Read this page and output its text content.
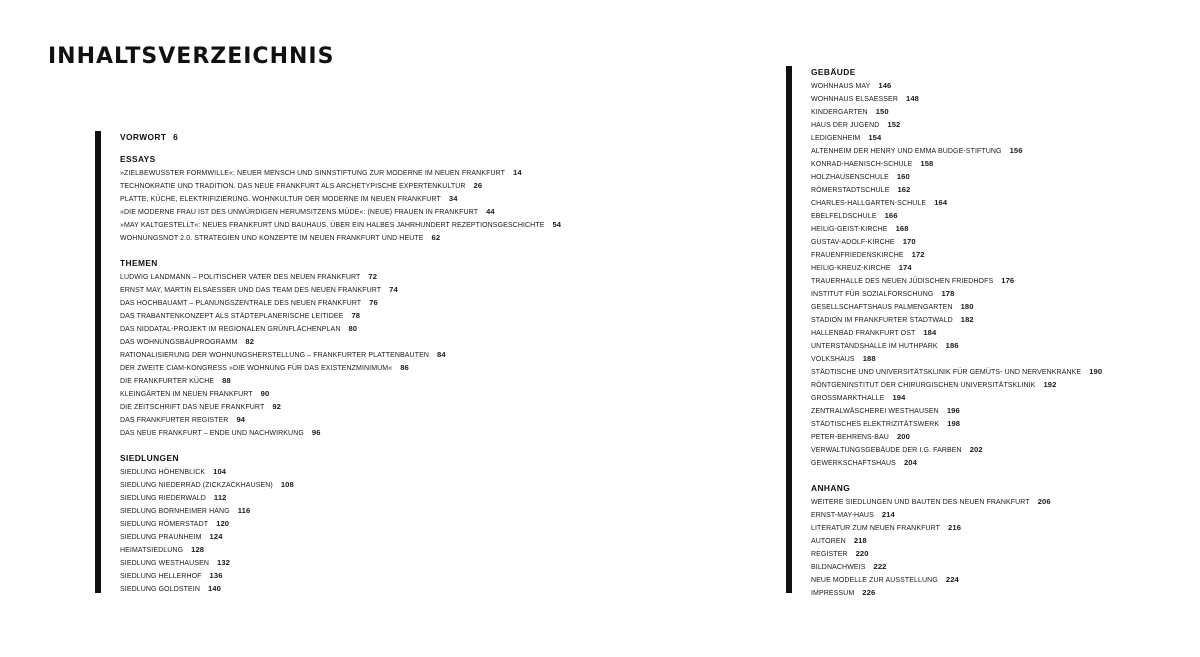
INHALTSVERZEICHNIS
VORWORT 6
ESSAYS
»ZIELBEWUSSTER FORMWILLE«: NEUER MENSCH UND SINNSTIFTUNG ZUR MODERNE IM NEUEN FRANKFURT 14
TECHNOKRATIE UND TRADITION. DAS NEUE FRANKFURT ALS ARCHETYPISCHE EXPERTENKULTUR 26
PLATTE, KÜCHE, ELEKTRIFIZIERUNG. WOHNKULTUR DER MODERNE IM NEUEN FRANKFURT 34
»DIE MODERNE FRAU IST DES UNWÜRDIGEN HERUMSITZENS MÜDE«: (NEUE) FRAUEN IN FRANKFURT 44
»MAY KALTGESTELLT«: NEUES FRANKFURT UND BAUHAUS. ÜBER EIN HALBES JAHRHUNDERT REZEPTIONSGESCHICHTE 54
WOHNUNGSNOT 2.0. STRATEGIEN UND KONZEPTE IM NEUEN FRANKFURT UND HEUTE 62
THEMEN
LUDWIG LANDMANN – POLITISCHER VATER DES NEUEN FRANKFURT 72
ERNST MAY, MARTIN ELSAESSER UND DAS TEAM DES NEUEN FRANKFURT 74
DAS HOCHBAUAMT – PLANUNGSZENTRALE DES NEUEN FRANKFURT 76
DAS TRABANTENKONZEPT ALS STÄDTEPLANERISCHE LEITIDEE 78
DAS NIDDATAL-PROJEKT IM REGIONALEN GRÜNFLÄCHENPLAN 80
DAS WOHNUNGSBAUPROGRAMM 82
RATIONALISIERUNG DER WOHNUNGSHERSTELLUNG – FRANKFURTER PLATTENBAUTEN 84
DER ZWEITE CIAM-KONGRESS »DIE WOHNUNG FÜR DAS EXISTENZMINIMUM« 86
DIE FRANKFURTER KÜCHE 88
KLEINGÄRTEN IM NEUEN FRANKFURT 90
DIE ZEITSCHRIFT DAS NEUE FRANKFURT 92
DAS FRANKFURTER REGISTER 94
DAS NEUE FRANKFURT – ENDE UND NACHWIRKUNG 96
SIEDLUNGEN
SIEDLUNG HÖHENBLICK 104
SIEDLUNG NIEDERRAD (ZICKZACKHAUSEN) 108
SIEDLUNG RIEDERWALD 112
SIEDLUNG BORNHEIMER HANG 116
SIEDLUNG RÖMERSTADT 120
SIEDLUNG PRAUNHEIM 124
HEIMATSIEDLUNG 128
SIEDLUNG WESTHAUSEN 132
SIEDLUNG HELLERHOF 136
SIEDLUNG GOLDSTEIN 140
GEBÄUDE
WOHNHAUS MAY 146
WOHNHAUS ELSAESSER 148
KINDERGARTEN 150
HAUS DER JUGEND 152
LEDIGENHEIM 154
ALTENHEIM DER HENRY UND EMMA BUDGE-STIFTUNG 156
KONRAD-HAENISCH-SCHULE 158
HOLZHAUSENSCHULE 160
RÖMERSTADTSCHULE 162
CHARLES-HALLGARTEN-SCHULE 164
EBELFELDSCHULE 166
HEILIG-GEIST-KIRCHE 168
GUSTAV-ADOLF-KIRCHE 170
FRAUENFRIEDENSKIRCHE 172
HEILIG-KREUZ-KIRCHE 174
TRAUERHALLE DES NEUEN JÜDISCHEN FRIEDHOFS 176
INSTITUT FÜR SOZIALFORSCHUNG 178
GESELLSCHAFTSHAUS PALMENGARTEN 180
STADION IM FRANKFURTER STADTWALD 182
HALLENBAD FRANKFURT OST 184
UNTERSTANDSHALLE IM HUTHPARK 186
VOLKSHAUS 188
STÄDTISCHE UND UNIVERSITÄTSKLINIK FÜR GEMÜTS- UND NERVENKRANKE 190
RÖNTGENINSTITUT DER CHIRURGISCHEN UNIVERSITÄTSKLINIK 192
GROSSMARKTHALLE 194
ZENTRALWÄSCHEREI WESTHAUSEN 196
STÄDTISCHES ELEKTRIZITÄTSWERK 198
PETER-BEHRENS-BAU 200
VERWALTUNGSGEBÄUDE DER I.G. FARBEN 202
GEWERKSCHAFTSHAUS 204
ANHANG
WEITERE SIEDLUNGEN UND BAUTEN DES NEUEN FRANKFURT 206
ERNST-MAY-HAUS 214
LITERATUR ZUM NEUEN FRANKFURT 216
AUTOREN 218
REGISTER 220
BILDNACHWEIS 222
NEUE MODELLE ZUR AUSSTELLUNG 224
IMPRESSUM 226
